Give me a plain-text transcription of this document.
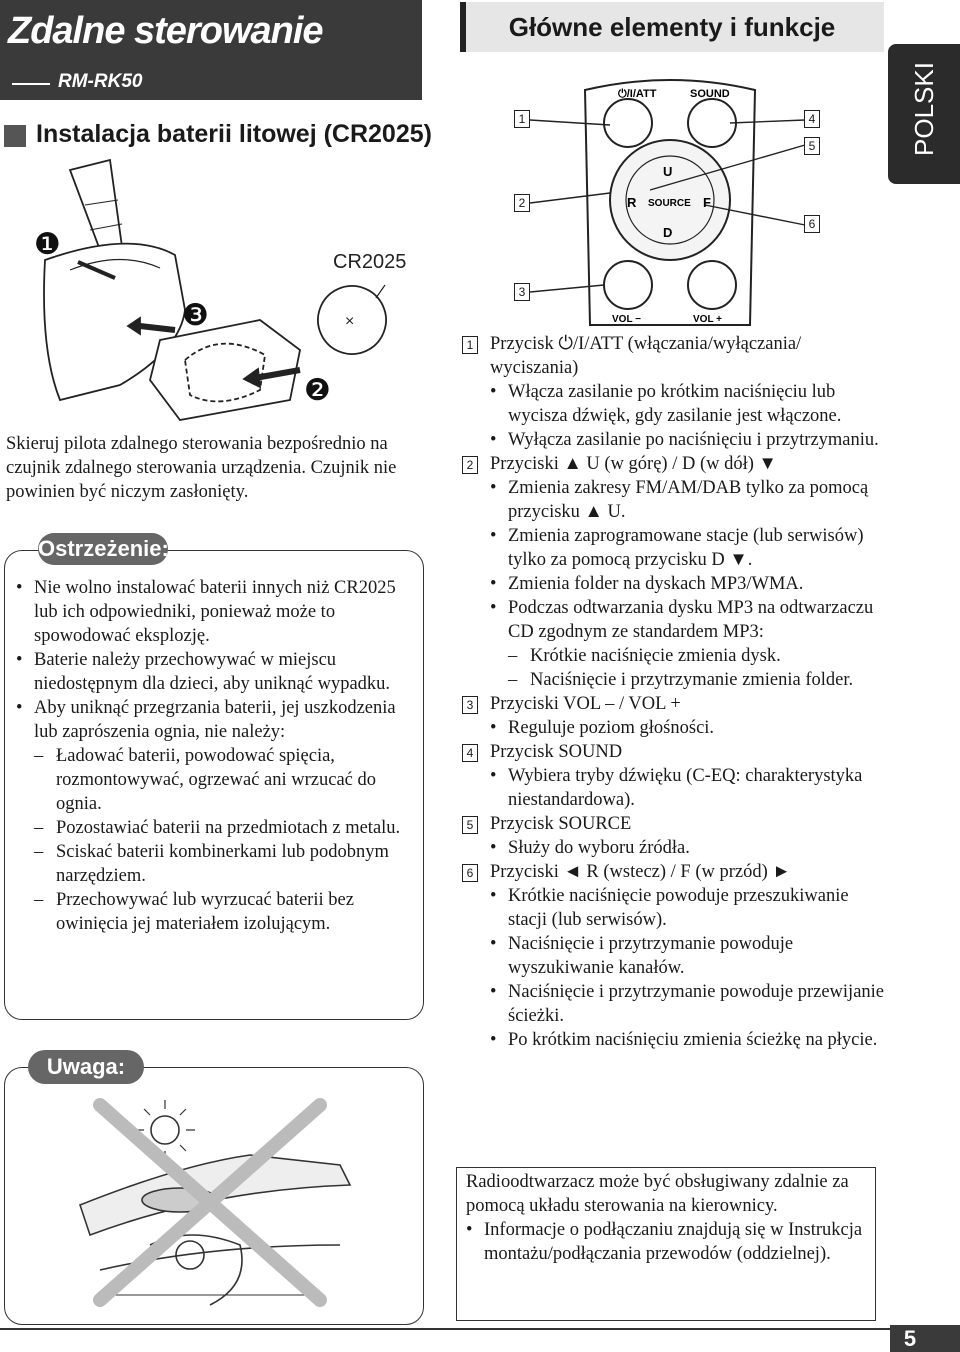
Zdalne sterowanie
RM-RK50
Instalacja baterii litowej (CR2025)
Główne elementy i funkcje
POLSKI
CR2025
×
❶
❷
❸
Skieruj pilota zdalnego sterowania bezpośrednio na czujnik zdalnego sterowania urządzenia. Czujnik nie powinien być niczym zasłonięty.
Ostrzeżenie:
• Nie wolno instalować baterii innych niż CR2025 lub ich odpowiedniki, ponieważ może to spowodować eksplozję.
• Baterie należy przechowywać w miejscu niedostępnym dla dzieci, aby uniknąć wypadku.
• Aby uniknąć przegrzania baterii, jej uszkodzenia lub zaprószenia ognia, nie należy:
– Ładować baterii, powodować spięcia, rozmontowywać, ogrzewać ani wrzucać do ognia.
– Pozostawiać baterii na przedmiotach z metalu.
– Sciskać baterii kombinerkami lub podobnym narzędziem.
– Przechowywać lub wyrzucać baterii bez owinięcia jej materiałem izolującym.
Uwaga:
⏻/I/ATT	SOUND
U
D
R	F
SOURCE
VOL −	VOL +
1
2
3
4
5
6
1 Przycisk ⏻/I/ATT (włączania/wyłączania/ wyciszania)
• Włącza zasilanie po krótkim naciśnięciu lub wycisza dźwięk, gdy zasilanie jest włączone.
• Wyłącza zasilanie po naciśnięciu i przytrzymaniu.
2 Przyciski ▲ U (w górę) / D (w dół) ▼
• Zmienia zakresy FM/AM/DAB tylko za pomocą przycisku ▲ U.
• Zmienia zaprogramowane stacje (lub serwisów) tylko za pomocą przycisku D ▼.
• Zmienia folder na dyskach MP3/WMA.
• Podczas odtwarzania dysku MP3 na odtwarzaczu CD zgodnym ze standardem MP3:
– Krótkie naciśnięcie zmienia dysk.
– Naciśnięcie i przytrzymanie zmienia folder.
3 Przyciski VOL – / VOL +
• Reguluje poziom głośności.
4 Przycisk SOUND
• Wybiera tryby dźwięku (C-EQ: charakterystyka niestandardowa).
5 Przycisk SOURCE
• Służy do wyboru źródła.
6 Przyciski ◄ R (wstecz) / F (w przód) ►
• Krótkie naciśnięcie powoduje przeszukiwanie stacji (lub serwisów).
• Naciśnięcie i przytrzymanie powoduje wyszukiwanie kanałów.
• Naciśnięcie i przytrzymanie powoduje przewijanie ścieżki.
• Po krótkim naciśnięciu zmienia ścieżkę na płycie.
Radioodtwarzacz może być obsługiwany zdalnie za pomocą układu sterowania na kierownicy.
• Informacje o podłączaniu znajdują się w Instrukcja montażu/podłączania przewodów (oddzielnej).
5
